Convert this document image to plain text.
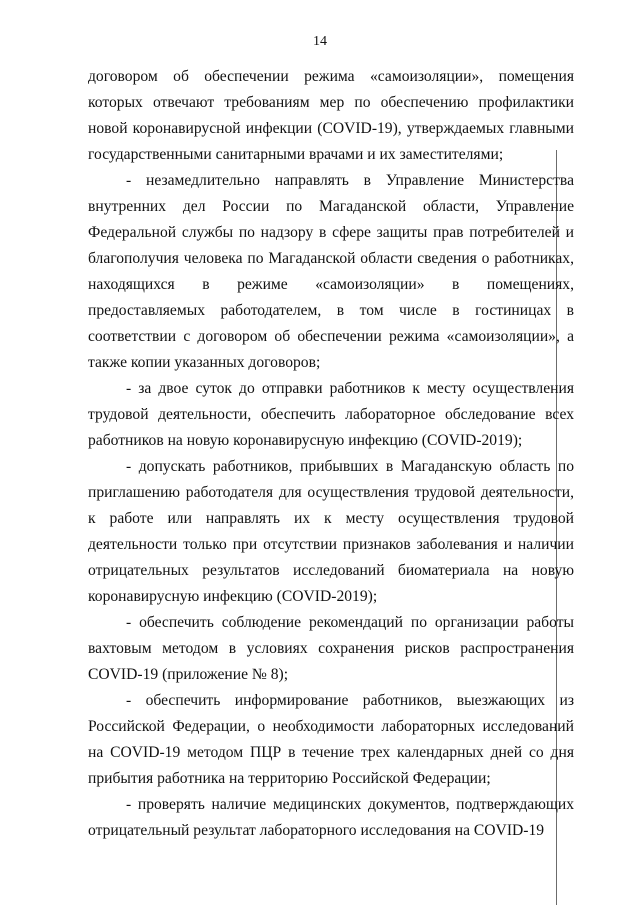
14

договором об обеспечении режима «самоизоляции», помещения которых отвечают требованиям мер по обеспечению профилактики новой коронавирусной инфекции (COVID-19), утверждаемых главными государственными санитарными врачами и их заместителями;

- незамедлительно направлять в Управление Министерства внутренних дел России по Магаданской области, Управление Федеральной службы по надзору в сфере защиты прав потребителей и благополучия человека по Магаданской области сведения о работниках, находящихся в режиме «самоизоляции» в помещениях, предоставляемых работодателем, в том числе в гостиницах в соответствии с договором об обеспечении режима «самоизоляции», а также копии указанных договоров;

- за двое суток до отправки работников к месту осуществления трудовой деятельности, обеспечить лабораторное обследование всех работников на новую коронавирусную инфекцию (COVID-2019);

- допускать работников, прибывших в Магаданскую область по приглашению работодателя для осуществления трудовой деятельности, к работе или направлять их к месту осуществления трудовой деятельности только при отсутствии признаков заболевания и наличии отрицательных результатов исследований биоматериала на новую коронавирусную инфекцию (COVID-2019);

- обеспечить соблюдение рекомендаций по организации работы вахтовым методом в условиях сохранения рисков распространения COVID-19 (приложение № 8);

- обеспечить информирование работников, выезжающих из Российской Федерации, о необходимости лабораторных исследований на COVID-19 методом ПЦР в течение трех календарных дней со дня прибытия работника на территорию Российской Федерации;

- проверять наличие медицинских документов, подтверждающих отрицательный результат лабораторного исследования на COVID-19
